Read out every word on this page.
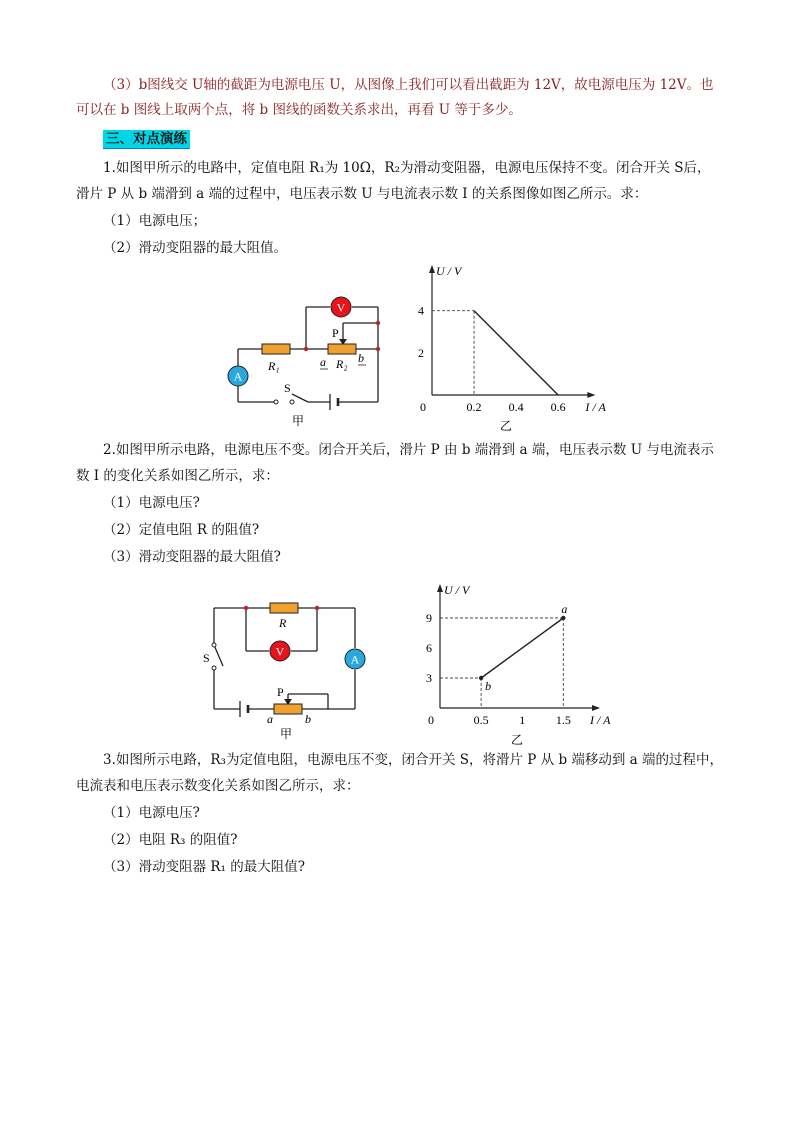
（3）b图线交 U轴的截距为电源电压 U，从图像上我们可以看出截距为 12V，故电源电压为 12V。也
可以在 b 图线上取两个点，将 b 图线的函数关系求出，再看 U 等于多少。
三、对点演练
1.如图甲所示的电路中，定值电阻 R₁为 10Ω，R₂为滑动变阻器，电源电压保持不变。闭合开关 S后，
滑片 P 从 b 端滑到 a 端的过程中，电压表示数 U 与电流表示数 I 的关系图像如图乙所示。求：
（1）电源电压；
（2）滑动变阻器的最大阻值。
V
A
P
R₁	R₂
a	b
S
甲
I / A
U / V
0	0.2 0.4 0.6
2
4
乙
2.如图甲所示电路，电源电压不变。闭合开关后，滑片 P 由 b 端滑到 a 端，电压表示数 U 与电流表示
数 I 的变化关系如图乙所示，求：
（1）电源电压?
（2）定值电阻 R 的阻值?
（3）滑动变阻器的最大阻值?
V
A
R
S
P
a	b
甲
I / A
U / V
0	0.5	1	1.5
3
6
9
a
b
乙
3.如图所示电路，R₃为定值电阻，电源电压不变，闭合开关 S，将滑片 P 从 b 端移动到 a 端的过程中，
电流表和电压表示数变化关系如图乙所示，求：
（1）电源电压?
（2）电阻 R₃ 的阻值?
（3）滑动变阻器 R₁ 的最大阻值?
